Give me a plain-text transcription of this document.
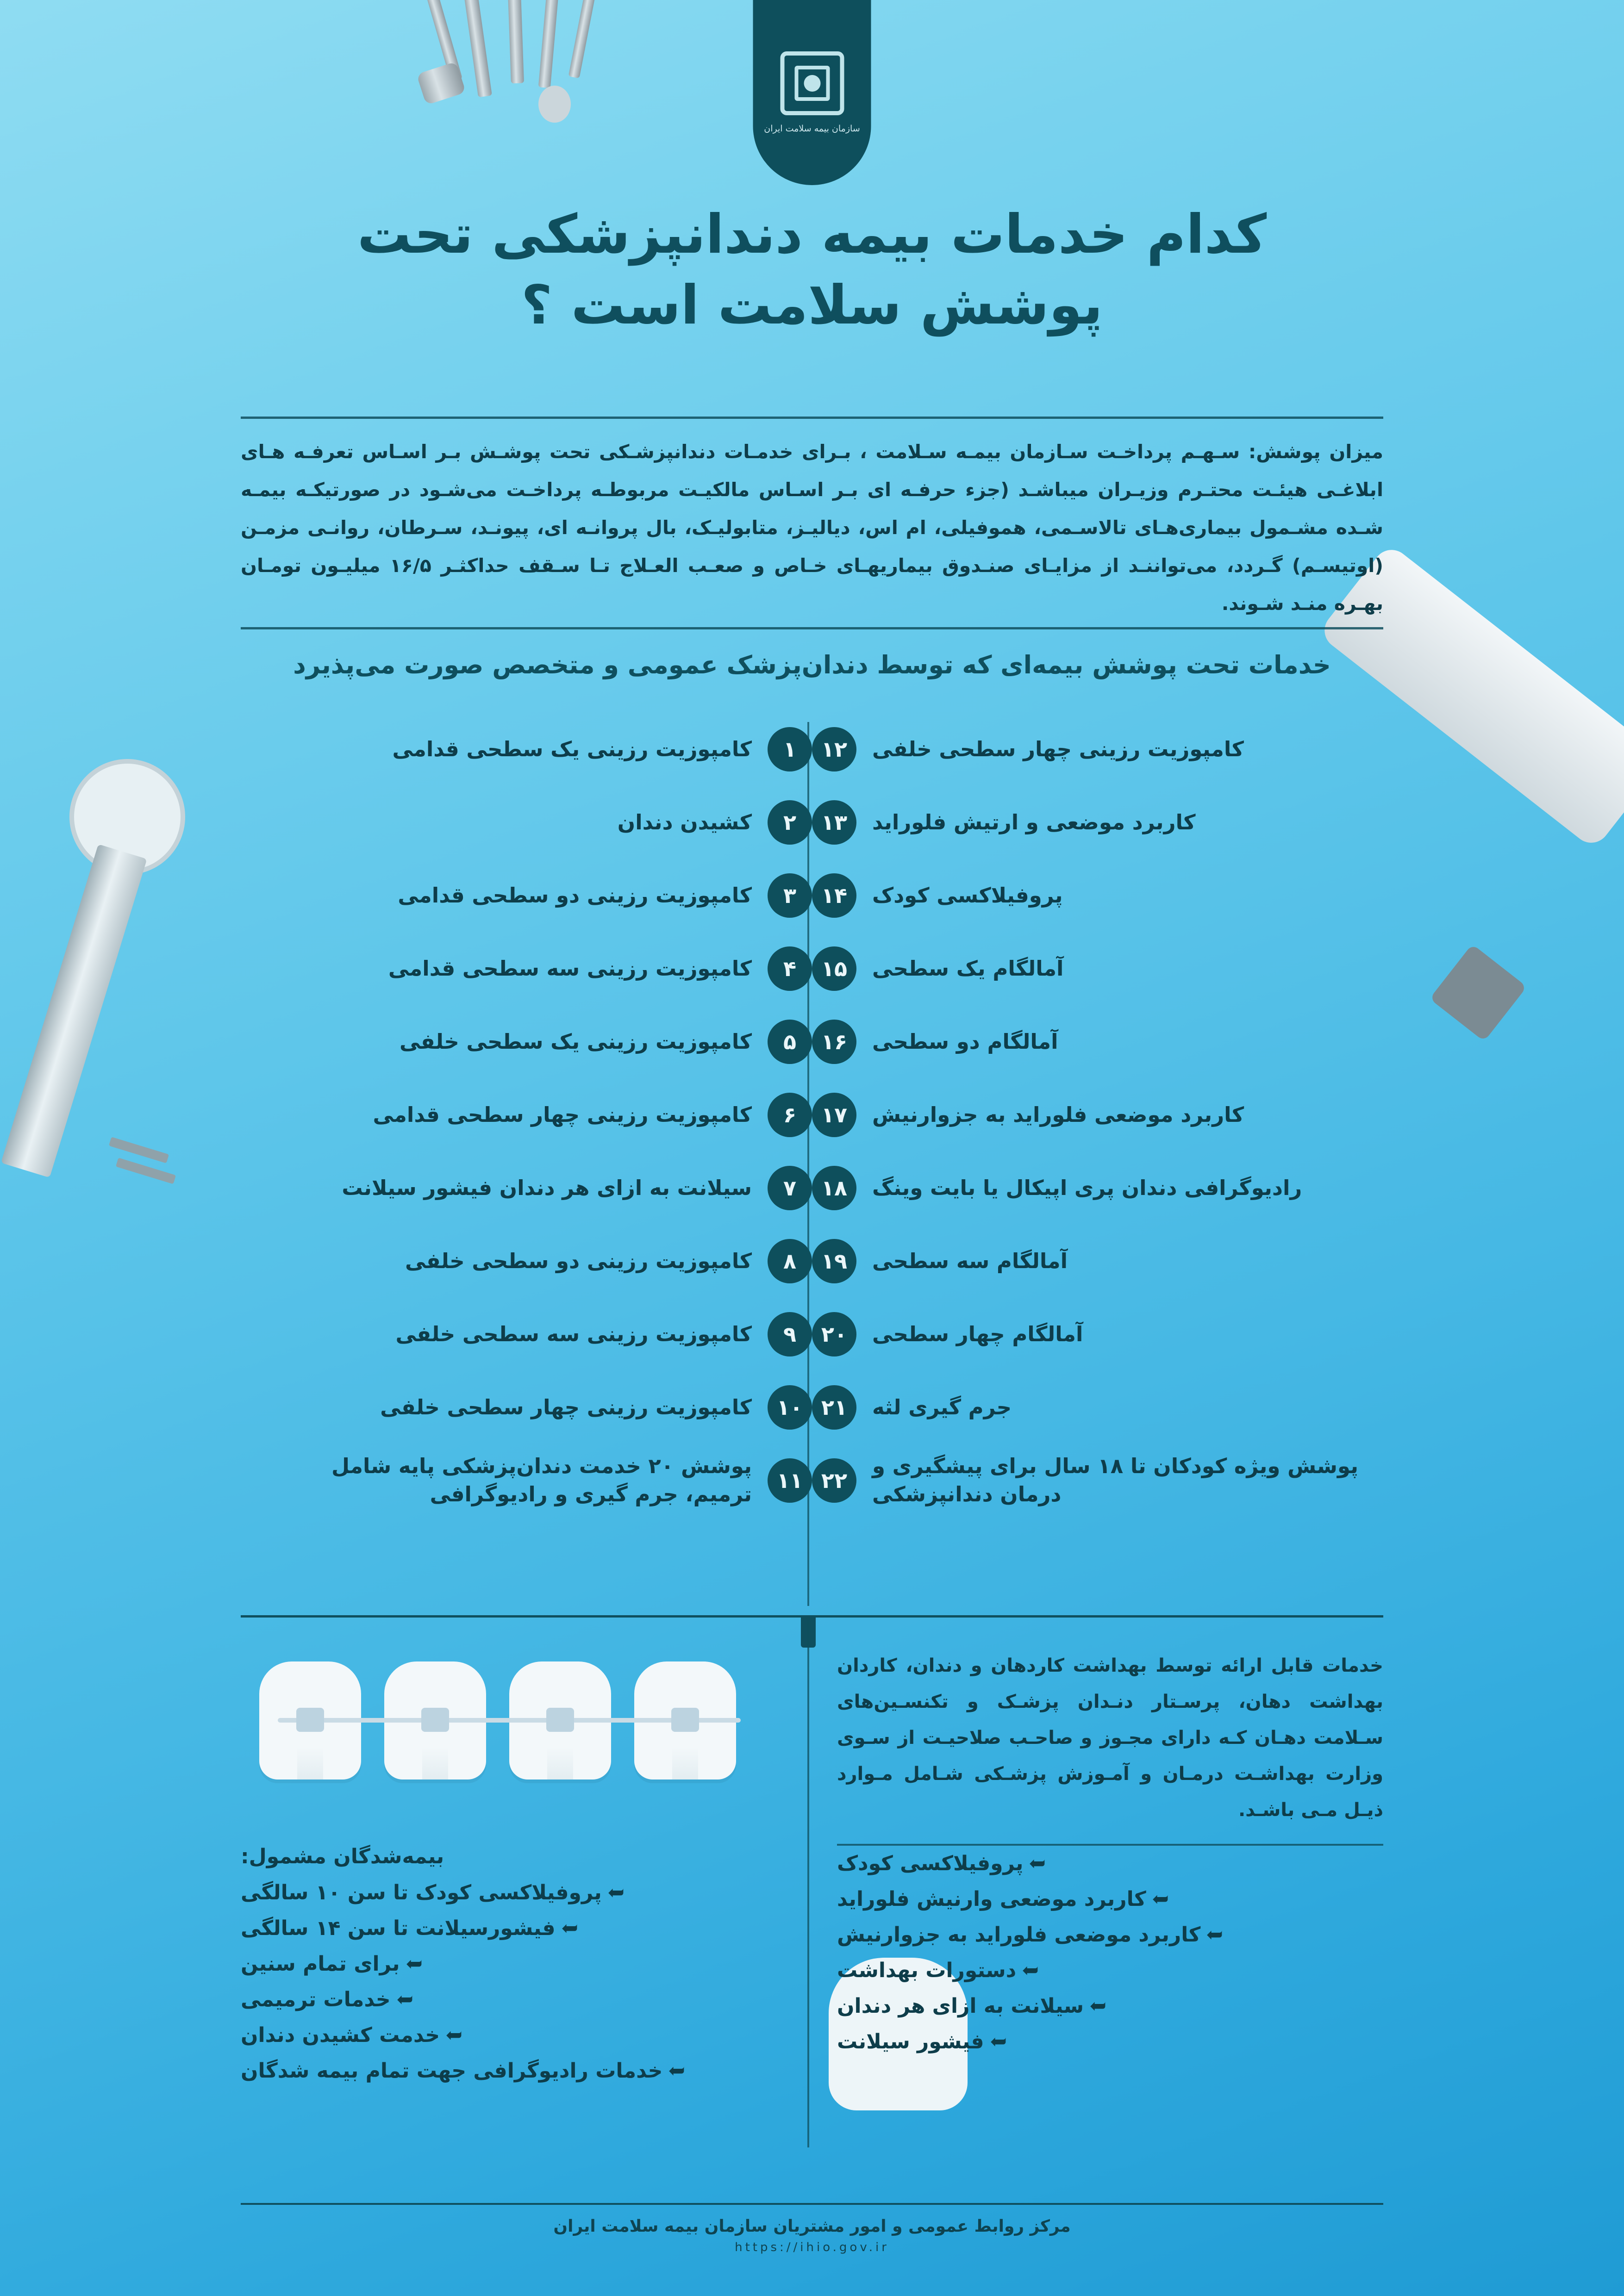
سازمان بیمه سلامت ایران
کدام خدمات بیمه دندانپزشکی تحت پوشش سلامت است ؟
میزان پوشش: سـهـم پرداخـت سـازمان بیمـه سـلامت ، بـرای خدمـات دندانپزشـکی تحت پوشـش بـر اسـاس تعرفـه هـای ابلاغـی هیئـت محتـرم وزیـران میباشـد (جزء حرفـه ای بـر اسـاس مالکیـت مربوطـه پرداخـت می‌شـود در صورتیکـه بیمـه شـده مشـمول بیماری‌هـای تالاسـمی، هموفیلی، ام اس، دیالیـز، متابولیـک، بال پروانـه ای، پیونـد، سـرطان، روانـی مزمـن (اوتیسـم) گـردد، می‌تواننـد از مزایـای صنـدوق بیماریهـای خـاص و صعـب العـلاج تـا سـقف حداکثـر ۱۶/۵ میلیـون تومـان بهـره منـد شـوند.
خدمات تحت پوشش بیمه‌ای که توسط دندان‌پزشک عمومی و متخصص صورت می‌پذیرد
کامپوزیت رزینی چهار سطحی خلفی
۱۲
کاربرد موضعی و ارتیش فلوراید
۱۳
پروفیلاکسی کودک
۱۴
آمالگام یک سطحی
۱۵
آمالگام دو سطحی
۱۶
کاربرد موضعی فلوراید به جزوارنیش
۱۷
رادیوگرافی دندان پری اپیکال یا بایت وینگ
۱۸
آمالگام سه سطحی
۱۹
آمالگام چهار سطحی
۲۰
جرم گیری لثه
۲۱
پوشش ویژه کودکان تا ۱۸ سال برای پیشگیری و درمان دندانپزشکی
۲۲
۱
کامپوزیت رزینی یک سطحی قدامی
۲
کشیدن دندان
۳
کامپوزیت رزینی دو سطحی قدامی
۴
کامپوزیت رزینی سه سطحی قدامی
۵
کامپوزیت رزینی یک سطحی خلفی
۶
کامپوزیت رزینی چهار سطحی قدامی
۷
سیلانت به ازای هر دندان فیشور سیلانت
۸
کامپوزیت رزینی دو سطحی خلفی
۹
کامپوزیت رزینی سه سطحی خلفی
۱۰
کامپوزیت رزینی چهار سطحی خلفی
۱۱
پوشش ۲۰ خدمت دندان‌پزشکی پایه شامل ترمیم، جرم گیری و رادیوگرافی
خدمات قابل ارائه توسط بهداشت کاردهان و دندان، کاردان بهداشت دهان، پرسـتار دنـدان پزشـک و تکنسـین‌های سـلامت دهـان کـه دارای مجـوز و صاحـب صلاحیـت از سـوی وزارت بهداشـت درمـان و آمـوزش پزشـکی شـامل مـوارد ذیـل مـی باشـد.
➥پروفیلاکسی کودک
➥کاربرد موضعی وارنیش فلوراید
➥کاربرد موضعی فلوراید به جزوارنیش
➥دستورات بهداشت
➥سیلانت به ازای هر دندان
➥فیشور سیلانت
بیمه‌شدگان مشمول:
➥پروفیلاکسی کودک تا سن ۱۰ سالگی
➥فیشورسیلانت تا سن ۱۴ سالگی
➥برای تمام سنین
➥خدمات ترمیمی
➥خدمت کشیدن دندان
➥خدمات رادیوگرافی جهت تمام بیمه شدگان
مرکز روابط عمومی و امور مشتریان سازمان بیمه سلامت ایران
https://ihio.gov.ir
